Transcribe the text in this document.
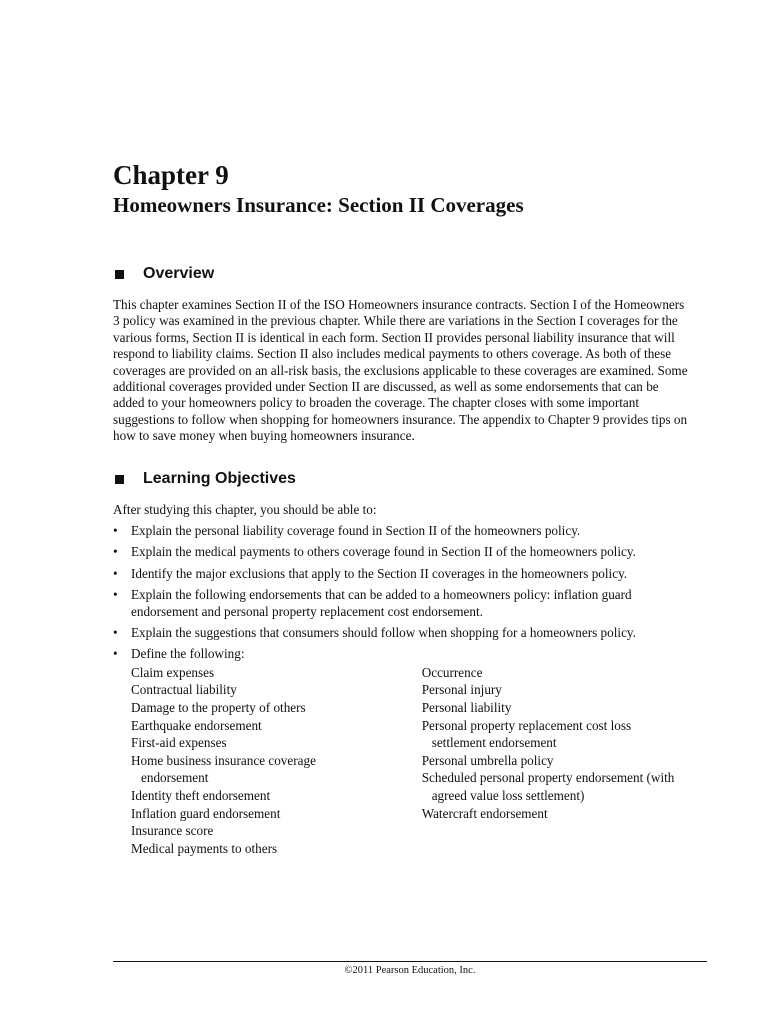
Chapter 9
Homeowners Insurance: Section II Coverages
Overview

This chapter examines Section II of the ISO Homeowners insurance contracts. Section I of the Homeowners 3 policy was examined in the previous chapter. While there are variations in the Section I coverages for the various forms, Section II is identical in each form. Section II provides personal liability insurance that will respond to liability claims. Section II also includes medical payments to others coverage. As both of these coverages are provided on an all-risk basis, the exclusions applicable to these coverages are examined. Some additional coverages provided under Section II are discussed, as well as some endorsements that can be added to your homeowners policy to broaden the coverage. The chapter closes with some important suggestions to follow when shopping for homeowners insurance. The appendix to Chapter 9 provides tips on how to save money when buying homeowners insurance.

Learning Objectives

After studying this chapter, you should be able to:

• Explain the personal liability coverage found in Section II of the homeowners policy.
• Explain the medical payments to others coverage found in Section II of the homeowners policy.
• Identify the major exclusions that apply to the Section II coverages in the homeowners policy.
• Explain the following endorsements that can be added to a homeowners policy: inflation guard endorsement and personal property replacement cost endorsement.
• Explain the suggestions that consumers should follow when shopping for a homeowners policy.
• Define the following:
Claim expenses
Contractual liability
Damage to the property of others
Earthquake endorsement
First-aid expenses
Home business insurance coverage
endorsement
Identity theft endorsement
Inflation guard endorsement
Insurance score
Medical payments to others
Occurrence
Personal injury
Personal liability
Personal property replacement cost loss
settlement endorsement
Personal umbrella policy
Scheduled personal property endorsement (with
agreed value loss settlement)
Watercraft endorsement

©2011 Pearson Education, Inc.
